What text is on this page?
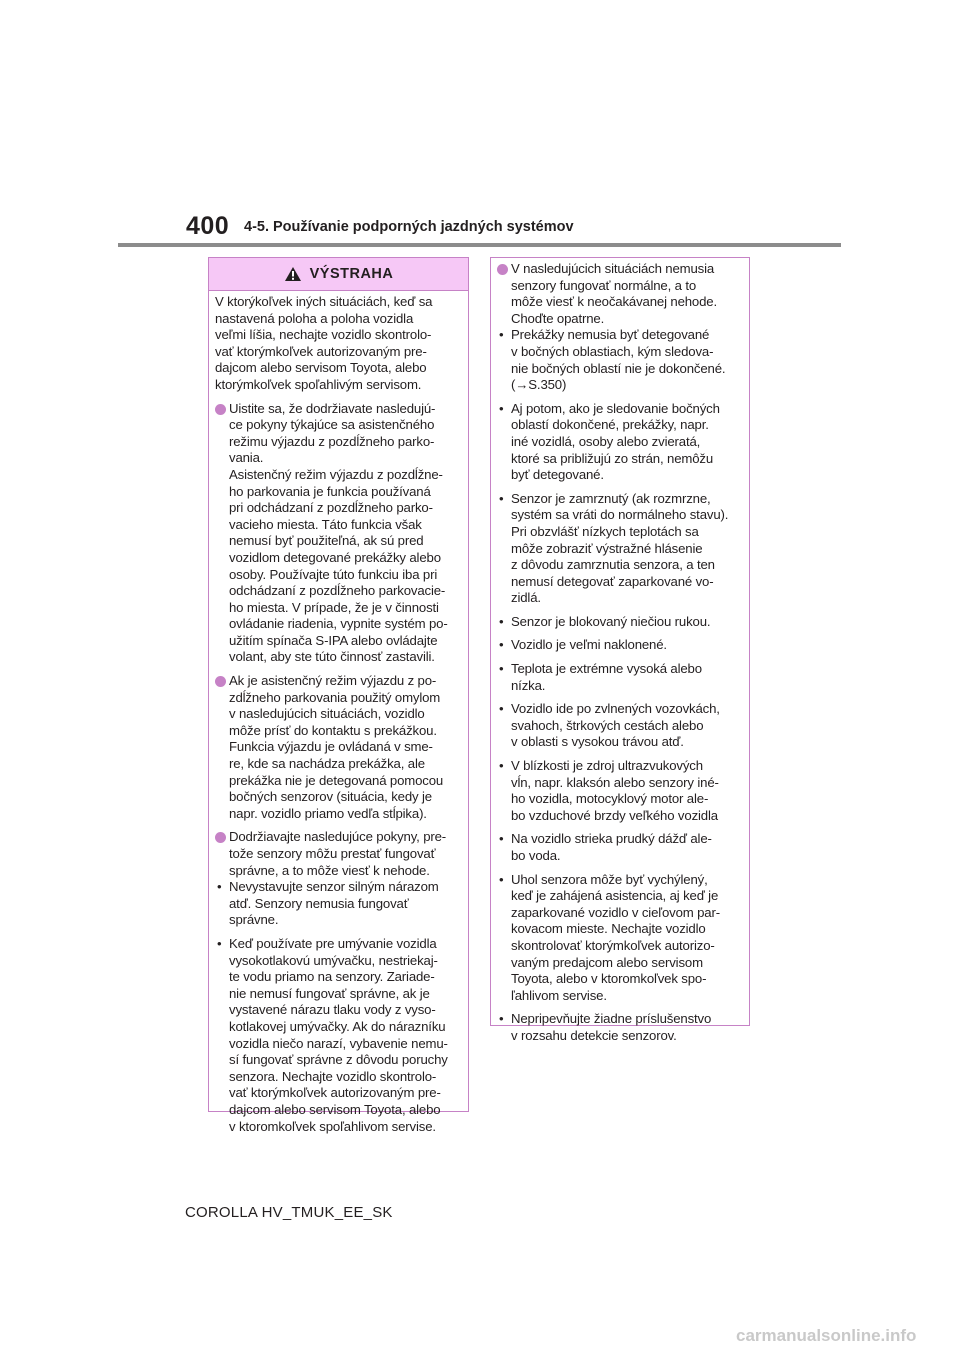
400 4-5. Používanie podporných jazdných systémov
VÝSTRAHA
V ktorýkoľvek iných situáciách, keď sa
nastavená poloha a poloha vozidla
veľmi líšia, nechajte vozidlo skontrolo-
vať ktorýmkoľvek autorizovaným pre-
dajcom alebo servisom Toyota, alebo
ktorýmkoľvek spoľahlivým servisom.
Uistite sa, že dodržiavate nasledujú-
ce pokyny týkajúce sa asistenčného
režimu výjazdu z pozdĺžneho parko-
vania.
Asistenčný režim výjazdu z pozdĺžne-
ho parkovania je funkcia používaná
pri odchádzaní z pozdĺžneho parko-
vacieho miesta. Táto funkcia však
nemusí byť použiteľná, ak sú pred
vozidlom detegované prekážky alebo
osoby. Používajte túto funkciu iba pri
odchádzaní z pozdĺžneho parkovacie-
ho miesta. V prípade, že je v činnosti
ovládanie riadenia, vypnite systém po-
užitím spínača S-IPA alebo ovládajte
volant, aby ste túto činnosť zastavili.
Ak je asistenčný režim výjazdu z po-
zdĺžneho parkovania použitý omylom
v nasledujúcich situáciách, vozidlo
môže prísť do kontaktu s prekážkou.
Funkcia výjazdu je ovládaná v sme-
re, kde sa nachádza prekážka, ale
prekážka nie je detegovaná pomocou
bočných senzorov (situácia, kedy je
napr. vozidlo priamo vedľa stĺpika).
Dodržiavajte nasledujúce pokyny, pre-
tože senzory môžu prestať fungovať
správne, a to môže viesť k nehode.
• Nevystavujte senzor silným nárazom
atď. Senzory nemusia fungovať
správne.
• Keď používate pre umývanie vozidla
vysokotlakovú umývačku, nestriekaj-
te vodu priamo na senzory. Zariade-
nie nemusí fungovať správne, ak je
vystavené nárazu tlaku vody z vyso-
kotlakovej umývačky. Ak do nárazníku
vozidla niečo narazí, vybavenie nemu-
sí fungovať správne z dôvodu poruchy
senzora. Nechajte vozidlo skontrolo-
vať ktorýmkoľvek autorizovaným pre-
dajcom alebo servisom Toyota, alebo
v ktoromkoľvek spoľahlivom servise.
V nasledujúcich situáciách nemusia
senzory fungovať normálne, a to
môže viesť k neočakávanej nehode.
Choďte opatrne.
• Prekážky nemusia byť detegované
v bočných oblastiach, kým sledova-
nie bočných oblastí nie je dokončené.
(→S.350)
• Aj potom, ako je sledovanie bočných
oblastí dokončené, prekážky, napr.
iné vozidlá, osoby alebo zvieratá,
ktoré sa približujú zo strán, nemôžu
byť detegované.
• Senzor je zamrznutý (ak rozmrzne,
systém sa vráti do normálneho stavu).
Pri obzvlášť nízkych teplotách sa
môže zobraziť výstražné hlásenie
z dôvodu zamrznutia senzora, a ten
nemusí detegovať zaparkované vo-
zidlá.
• Senzor je blokovaný niečiou rukou.
• Vozidlo je veľmi naklonené.
• Teplota je extrémne vysoká alebo
nízka.
• Vozidlo ide po zvlnených vozovkách,
svahoch, štrkových cestách alebo
v oblasti s vysokou trávou atď.
• V blízkosti je zdroj ultrazvukových
vĺn, napr. klaksón alebo senzory iné-
ho vozidla, motocyklový motor ale-
bo vzduchové brzdy veľkého vozidla
• Na vozidlo strieka prudký dážď ale-
bo voda.
• Uhol senzora môže byť vychýlený,
keď je zahájená asistencia, aj keď je
zaparkované vozidlo v cieľovom par-
kovacom mieste. Nechajte vozidlo
skontrolovať ktorýmkoľvek autorizo-
vaným predajcom alebo servisom
Toyota, alebo v ktoromkoľvek spo-
ľahlivom servise.
• Nepripevňujte žiadne príslušenstvo
v rozsahu detekcie senzorov.
COROLLA HV_TMUK_EE_SK
carmanualsonline.info
